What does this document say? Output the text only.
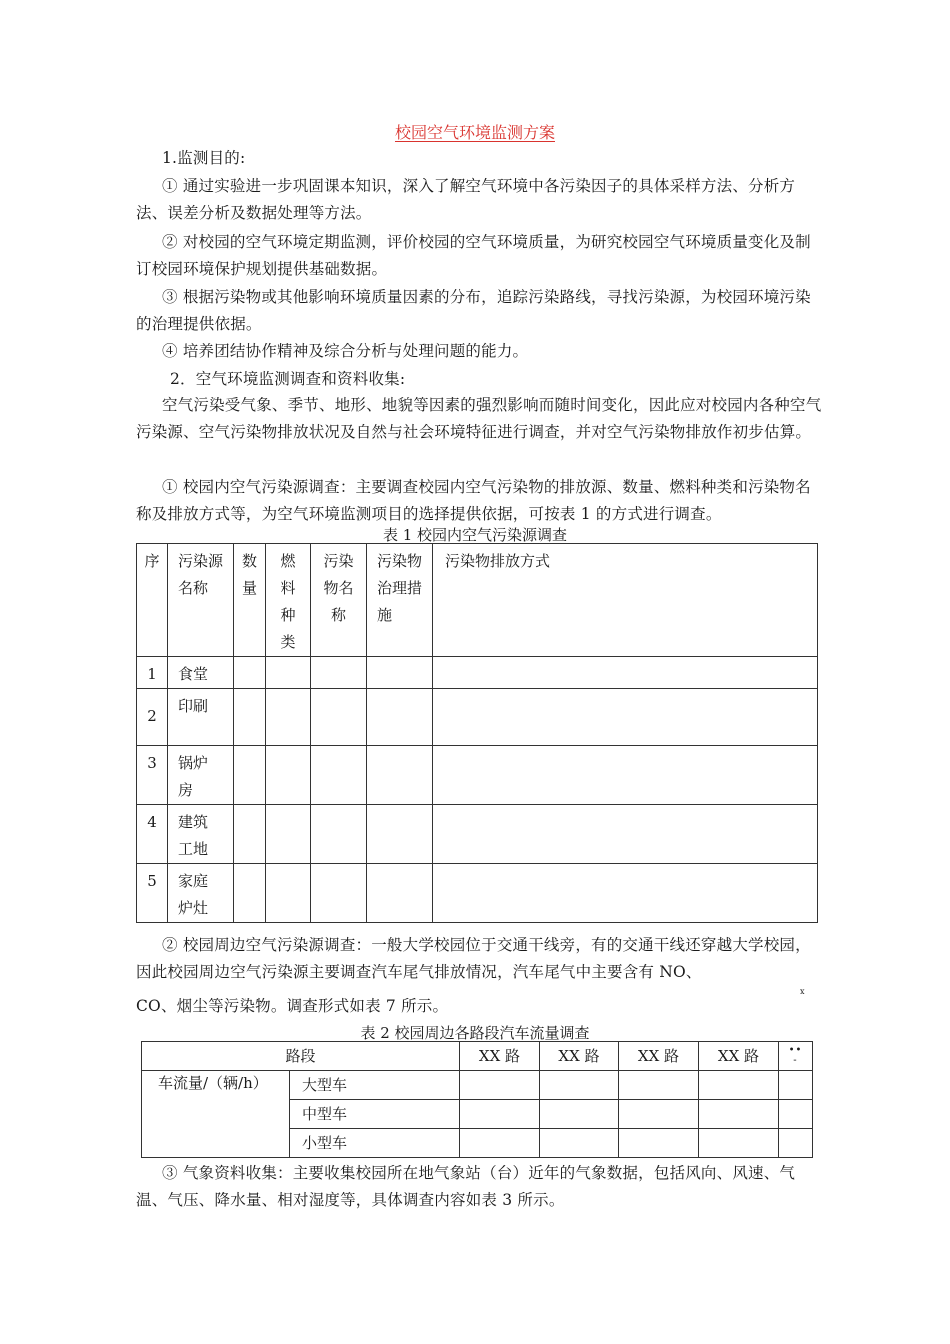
校园空气环境监测方案

1.监测目的:

① 通过实验进一步巩固课本知识，深入了解空气环境中各污染因子的具体采样方法、分析方法、误差分析及数据处理等方法。

② 对校园的空气环境定期监测，评价校园的空气环境质量，为研究校园空气环境质量变化及制订校园环境保护规划提供基础数据。

③ 根据污染物或其他影响环境质量因素的分布，追踪污染路线，寻找污染源，为校园环境污染的治理提供依据。

④ 培养团结协作精神及综合分析与处理问题的能力。

2．空气环境监测调查和资料收集:

空气污染受气象、季节、地形、地貌等因素的强烈影响而随时间变化，因此应对校园内各种空气污染源、空气污染物排放状况及自然与社会环境特征进行调查，并对空气污染物排放作初步估算。

① 校园内空气污染源调查：主要调查校园内空气污染物的排放源、数量、燃料种类和污染物名称及排放方式等，为空气环境监测项目的选择提供依据，可按表 1 的方式进行调查。

表 1 校园内空气污染源调查
序	污染源名称	数量	燃料种类	污染物名称	污染物治理措施	污染物排放方式
1	食堂					
2	印刷					
3	锅炉房					

4	建筑工地					

5	家庭炉灶					

② 校园周边空气污染源调查：一般大学校园位于交通干线旁，有的交通干线还穿越大学校园，因此校园周边空气污染源主要调查汽车尾气排放情况，汽车尾气中主要含有 NO、

x

CO、烟尘等污染物。调查形式如表 7 所示。

表 2 校园周边各路段汽车流量调查
路段		XX 路	XX 路	XX 路	XX 路	••
-

车流量/（辆/h）	大型车					
	中型车					
	小型车					

③ 气象资料收集：主要收集校园所在地气象站（台）近年的气象数据，包括风向、风速、气温、气压、降水量、相对湿度等，具体调查内容如表 3 所示。
